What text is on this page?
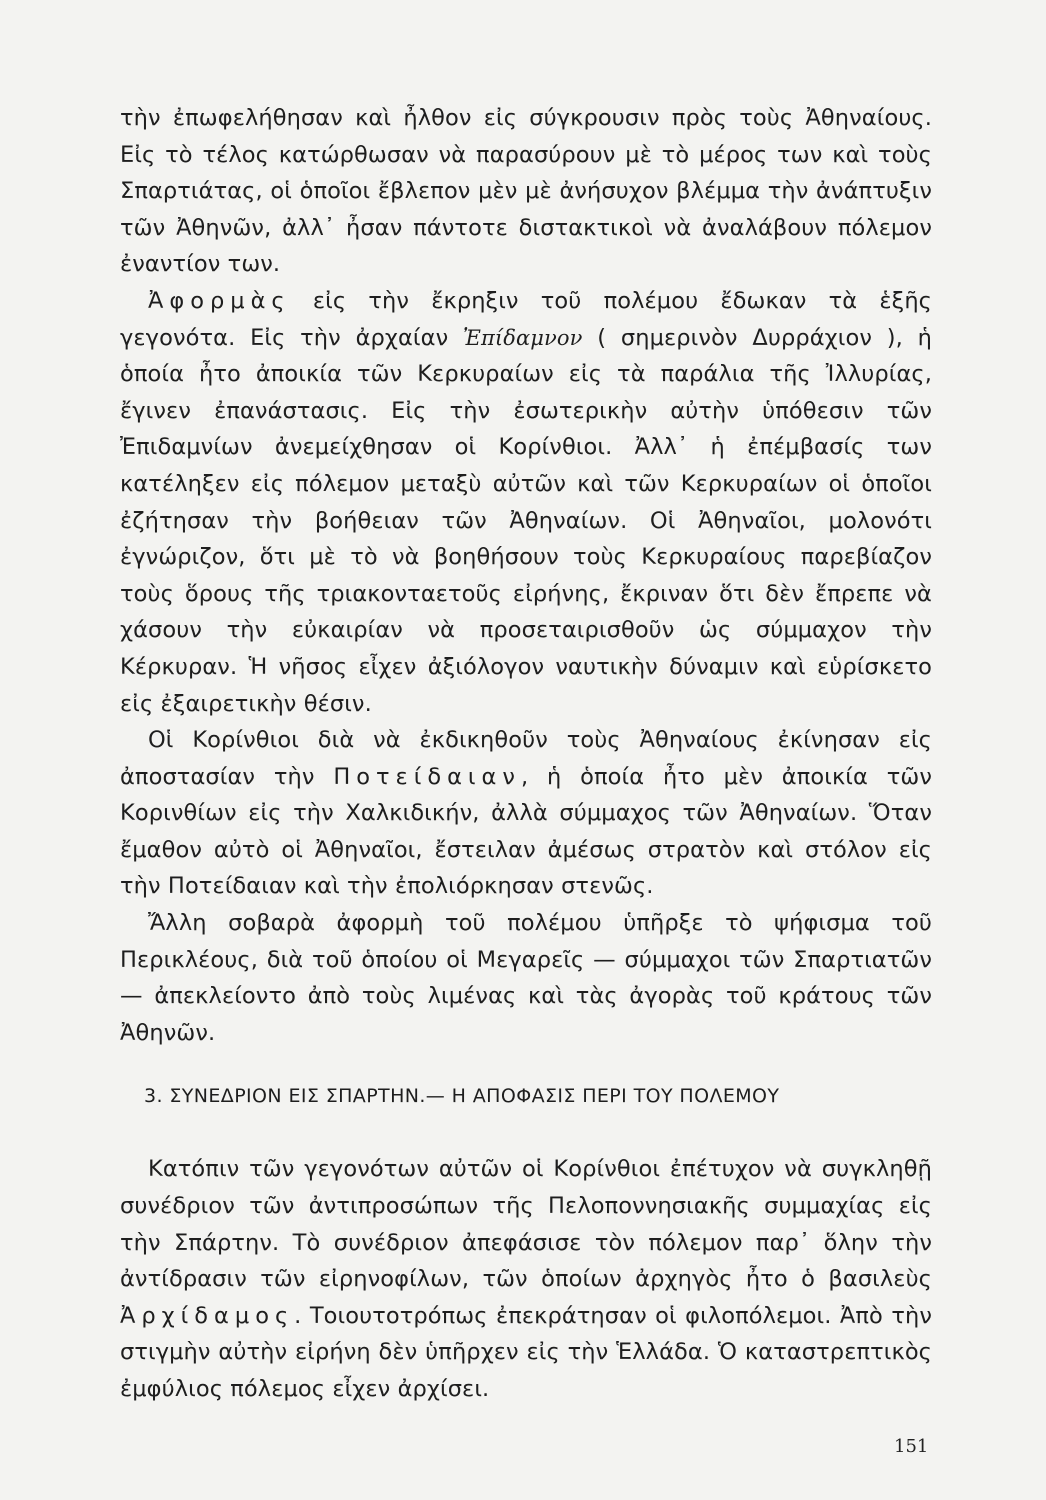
τὴν ἐπωφελήθησαν καὶ ἦλθον εἰς σύγκρουσιν πρὸς τοὺς Ἀθηναίους. Εἰς τὸ τέλος κατώρθωσαν νὰ παρασύρουν μὲ τὸ μέρος των καὶ τοὺς Σπαρτιάτας, οἱ ὁποῖοι ἔβλεπον μὲν μὲ ἀνήσυχον βλέμμα τὴν ἀνάπτυξιν τῶν Ἀθηνῶν, ἀλλ᾽ ἦσαν πάντοτε διστακτικοὶ νὰ ἀναλάβουν πόλεμον ἐναντίον των.

Ἀφορμὰς εἰς τὴν ἔκρηξιν τοῦ πολέμου ἔδωκαν τὰ ἑξῆς γεγονότα. Εἰς τὴν ἀρχαίαν Ἐπίδαμνον ( σημερινὸν Δυρράχιον ), ἡ ὁποία ἦτο ἀποικία τῶν Κερκυραίων εἰς τὰ παράλια τῆς Ἰλλυρίας, ἔγινεν ἐπανάστασις. Εἰς τὴν ἐσωτερικὴν αὐτὴν ὑπόθεσιν τῶν Ἐπιδαμνίων ἀνεμείχθησαν οἱ Κορίνθιοι. Ἀλλ᾽ ἡ ἐπέμβασίς των κατέληξεν εἰς πόλεμον μεταξὺ αὐτῶν καὶ τῶν Κερκυραίων οἱ ὁποῖοι ἐζήτησαν τὴν βοήθειαν τῶν Ἀθηναίων. Οἱ Ἀθηναῖοι, μολονότι ἐγνώριζον, ὅτι μὲ τὸ νὰ βοηθήσουν τοὺς Κερκυραίους παρεβίαζον τοὺς ὅρους τῆς τριακονταετοῦς εἰρήνης, ἔκριναν ὅτι δὲν ἔπρεπε νὰ χάσουν τὴν εὐκαιρίαν νὰ προσεταιρισθοῦν ὡς σύμμαχον τὴν Κέρκυραν. Ἡ νῆσος εἶχεν ἀξιόλογον ναυτικὴν δύναμιν καὶ εὑρίσκετο εἰς ἐξαιρετικὴν θέσιν.

Οἱ Κορίνθιοι διὰ νὰ ἐκδικηθοῦν τοὺς Ἀθηναίους ἐκίνησαν εἰς ἀποστασίαν τὴν Ποτείδαιαν, ἡ ὁποία ἦτο μὲν ἀποικία τῶν Κορινθίων εἰς τὴν Χαλκιδικήν, ἀλλὰ σύμμαχος τῶν Ἀθηναίων. Ὅταν ἔμαθον αὐτὸ οἱ Ἀθηναῖοι, ἔστειλαν ἀμέσως στρατὸν καὶ στόλον εἰς τὴν Ποτείδαιαν καὶ τὴν ἐπολιόρκησαν στενῶς.

Ἄλλη σοβαρὰ ἀφορμὴ τοῦ πολέμου ὑπῆρξε τὸ ψήφισμα τοῦ Περικλέους, διὰ τοῦ ὁποίου οἱ Μεγαρεῖς — σύμμαχοι τῶν Σπαρτιατῶν — ἀπεκλείοντο ἀπὸ τοὺς λιμένας καὶ τὰς ἀγορὰς τοῦ κράτους τῶν Ἀθηνῶν.

3. ΣΥΝΕΔΡΙΟΝ ΕΙΣ ΣΠΑΡΤΗΝ.— Η ΑΠΟΦΑΣΙΣ ΠΕΡΙ ΤΟΥ ΠΟΛΕΜΟΥ

Κατόπιν τῶν γεγονότων αὐτῶν οἱ Κορίνθιοι ἐπέτυχον νὰ συγκληθῇ συνέδριον τῶν ἀντιπροσώπων τῆς Πελοποννησιακῆς συμμαχίας εἰς τὴν Σπάρτην. Τὸ συνέδριον ἀπεφάσισε τὸν πόλεμον παρ᾽ ὅλην τὴν ἀντίδρασιν τῶν εἰρηνοφίλων, τῶν ὁποίων ἀρχηγὸς ἦτο ὁ βασιλεὺς Ἀρχίδαμος. Τοιουτοτρόπως ἐπεκράτησαν οἱ φιλοπόλεμοι. Ἀπὸ τὴν στιγμὴν αὐτὴν εἰρήνη δὲν ὑπῆρχεν εἰς τὴν Ἑλλάδα. Ὁ καταστρεπτικὸς ἐμφύλιος πόλεμος εἶχεν ἀρχίσει.

151
